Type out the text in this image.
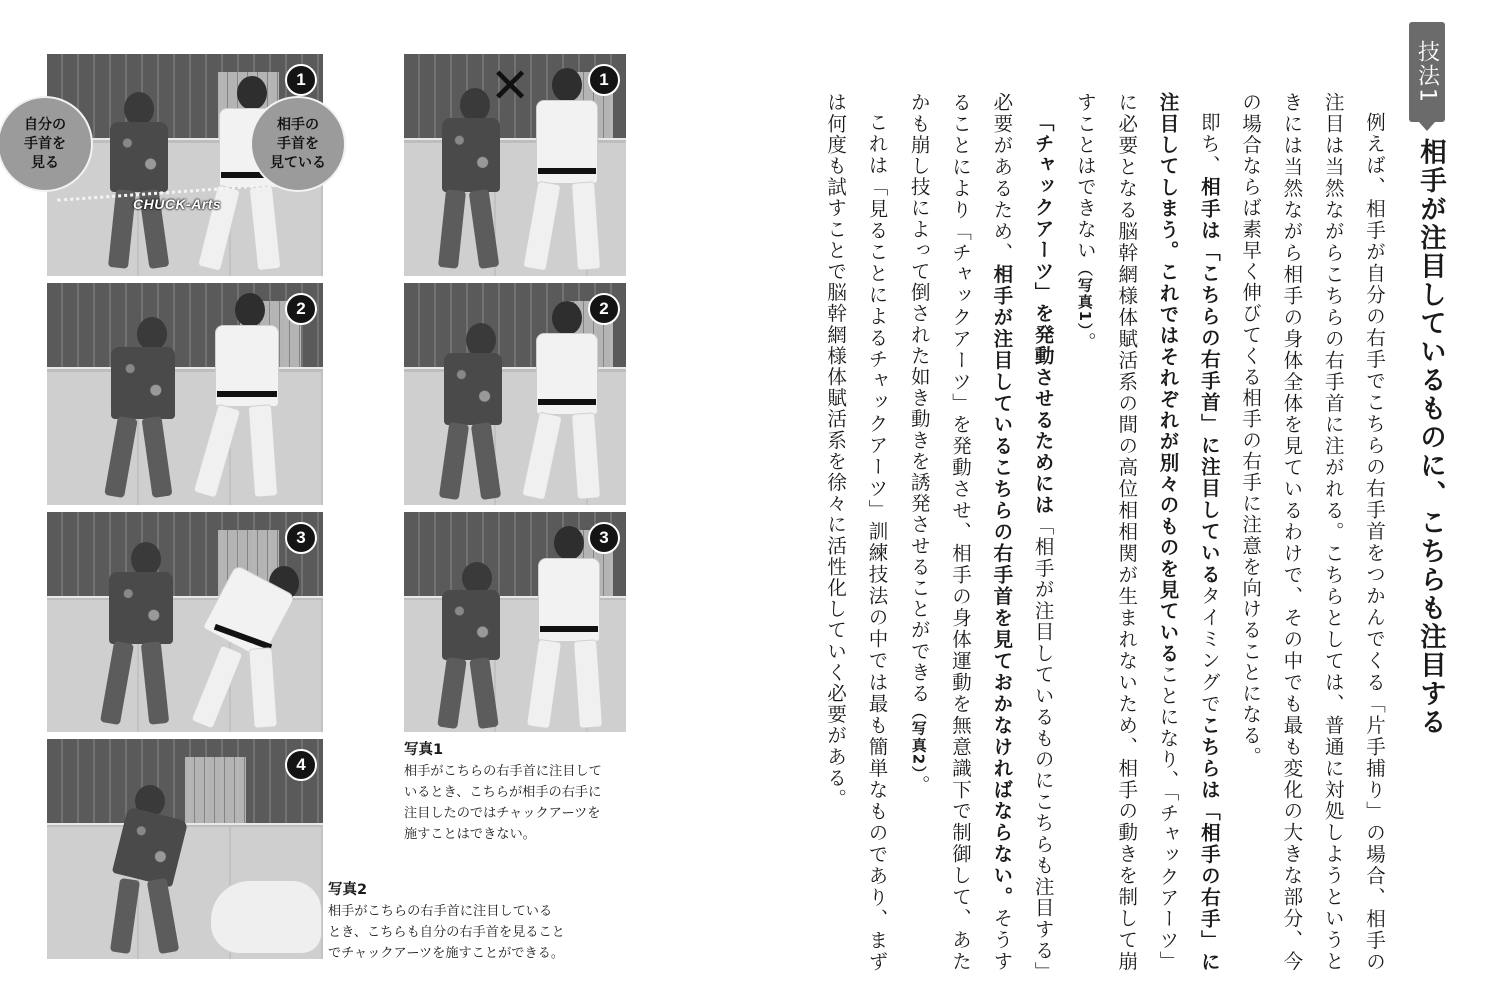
CHUCK-Arts
1
自分の
手首を
見る
相手の
手首を
見ている
2
3
4
✕	1
2
3
写真1
相手がこちらの右手首に注目して
いるとき、こちらが相手の右手に
注目したのではチャックアーツを
施すことはできない。
写真2
相手がこちらの右手首に注目している
とき、こちらも自分の右手首を見ること
でチャックアーツを施すことができる。
技法1
相手が注目しているものに、こちらも注目する

例えば、相手が自分の右手でこちらの右手首をつかんでくる「片手捕り」の場合、相手の注目は当然ながらこちらの右手首に注がれる。こちらとしては、普通に対処しようというときには当然ながら相手の身体全体を見ているわけで、その中でも最も変化の大きな部分、今の場合ならば素早く伸びてくる相手の右手に注意を向けることになる。

即ち、相手は「こちらの右手首」に注目しているタイミングでこちらは「相手の右手」に注目してしまう。これではそれぞれが別々のものを見ていることになり、「チャックアーツ」に必要となる脳幹網様体賦活系の間の高位相相関が生まれないため、相手の動きを制して崩すことはできない（写真1）。

「チャックアーツ」を発動させるためには「相手が注目しているものにこちらも注目する」必要があるため、相手が注目しているこちらの右手首を見ておかなければならない。そうすることにより「チャックアーツ」を発動させ、相手の身体運動を無意識下で制御して、あたかも崩し技によって倒された如き動きを誘発させることができる（写真2）。

これは「見ることによるチャックアーツ」訓練技法の中では最も簡単なものであり、まずは何度も試すことで脳幹網様体賦活系を徐々に活性化していく必要がある。
